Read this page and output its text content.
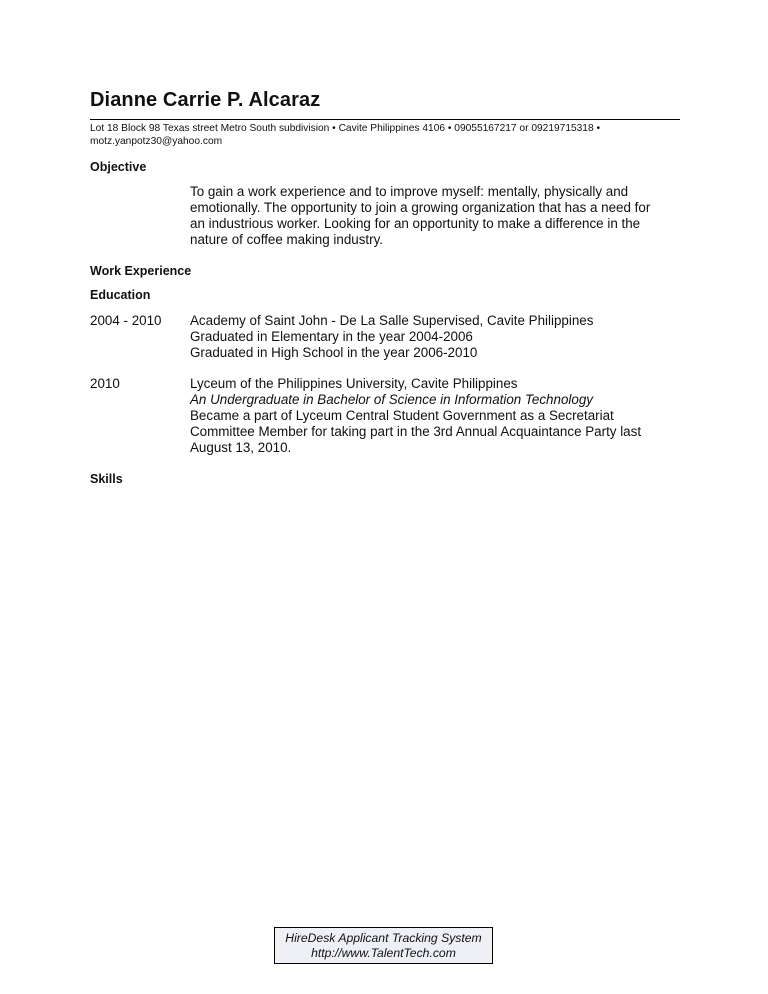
Dianne Carrie P. Alcaraz
Lot 18 Block 98 Texas street Metro South subdivision • Cavite Philippines 4106 • 09055167217 or 09219715318 •
motz.yanpotz30@yahoo.com
Objective
To gain a work experience and to improve myself: mentally, physically and
emotionally. The opportunity to join a growing organization that has a need for
an industrious worker. Looking for an opportunity to make a difference in the
nature of coffee making industry.
Work Experience
Education
2004 - 2010 Academy of Saint John - De La Salle Supervised, Cavite Philippines
Graduated in Elementary in the year 2004-2006
Graduated in High School in the year 2006-2010
2010	Lyceum of the Philippines University, Cavite Philippines
An Undergraduate in Bachelor of Science in Information Technology
Became a part of Lyceum Central Student Government as a Secretariat
Committee Member for taking part in the 3rd Annual Acquaintance Party last
August 13, 2010.
Skills
HireDesk Applicant Tracking System
http://www.TalentTech.com
